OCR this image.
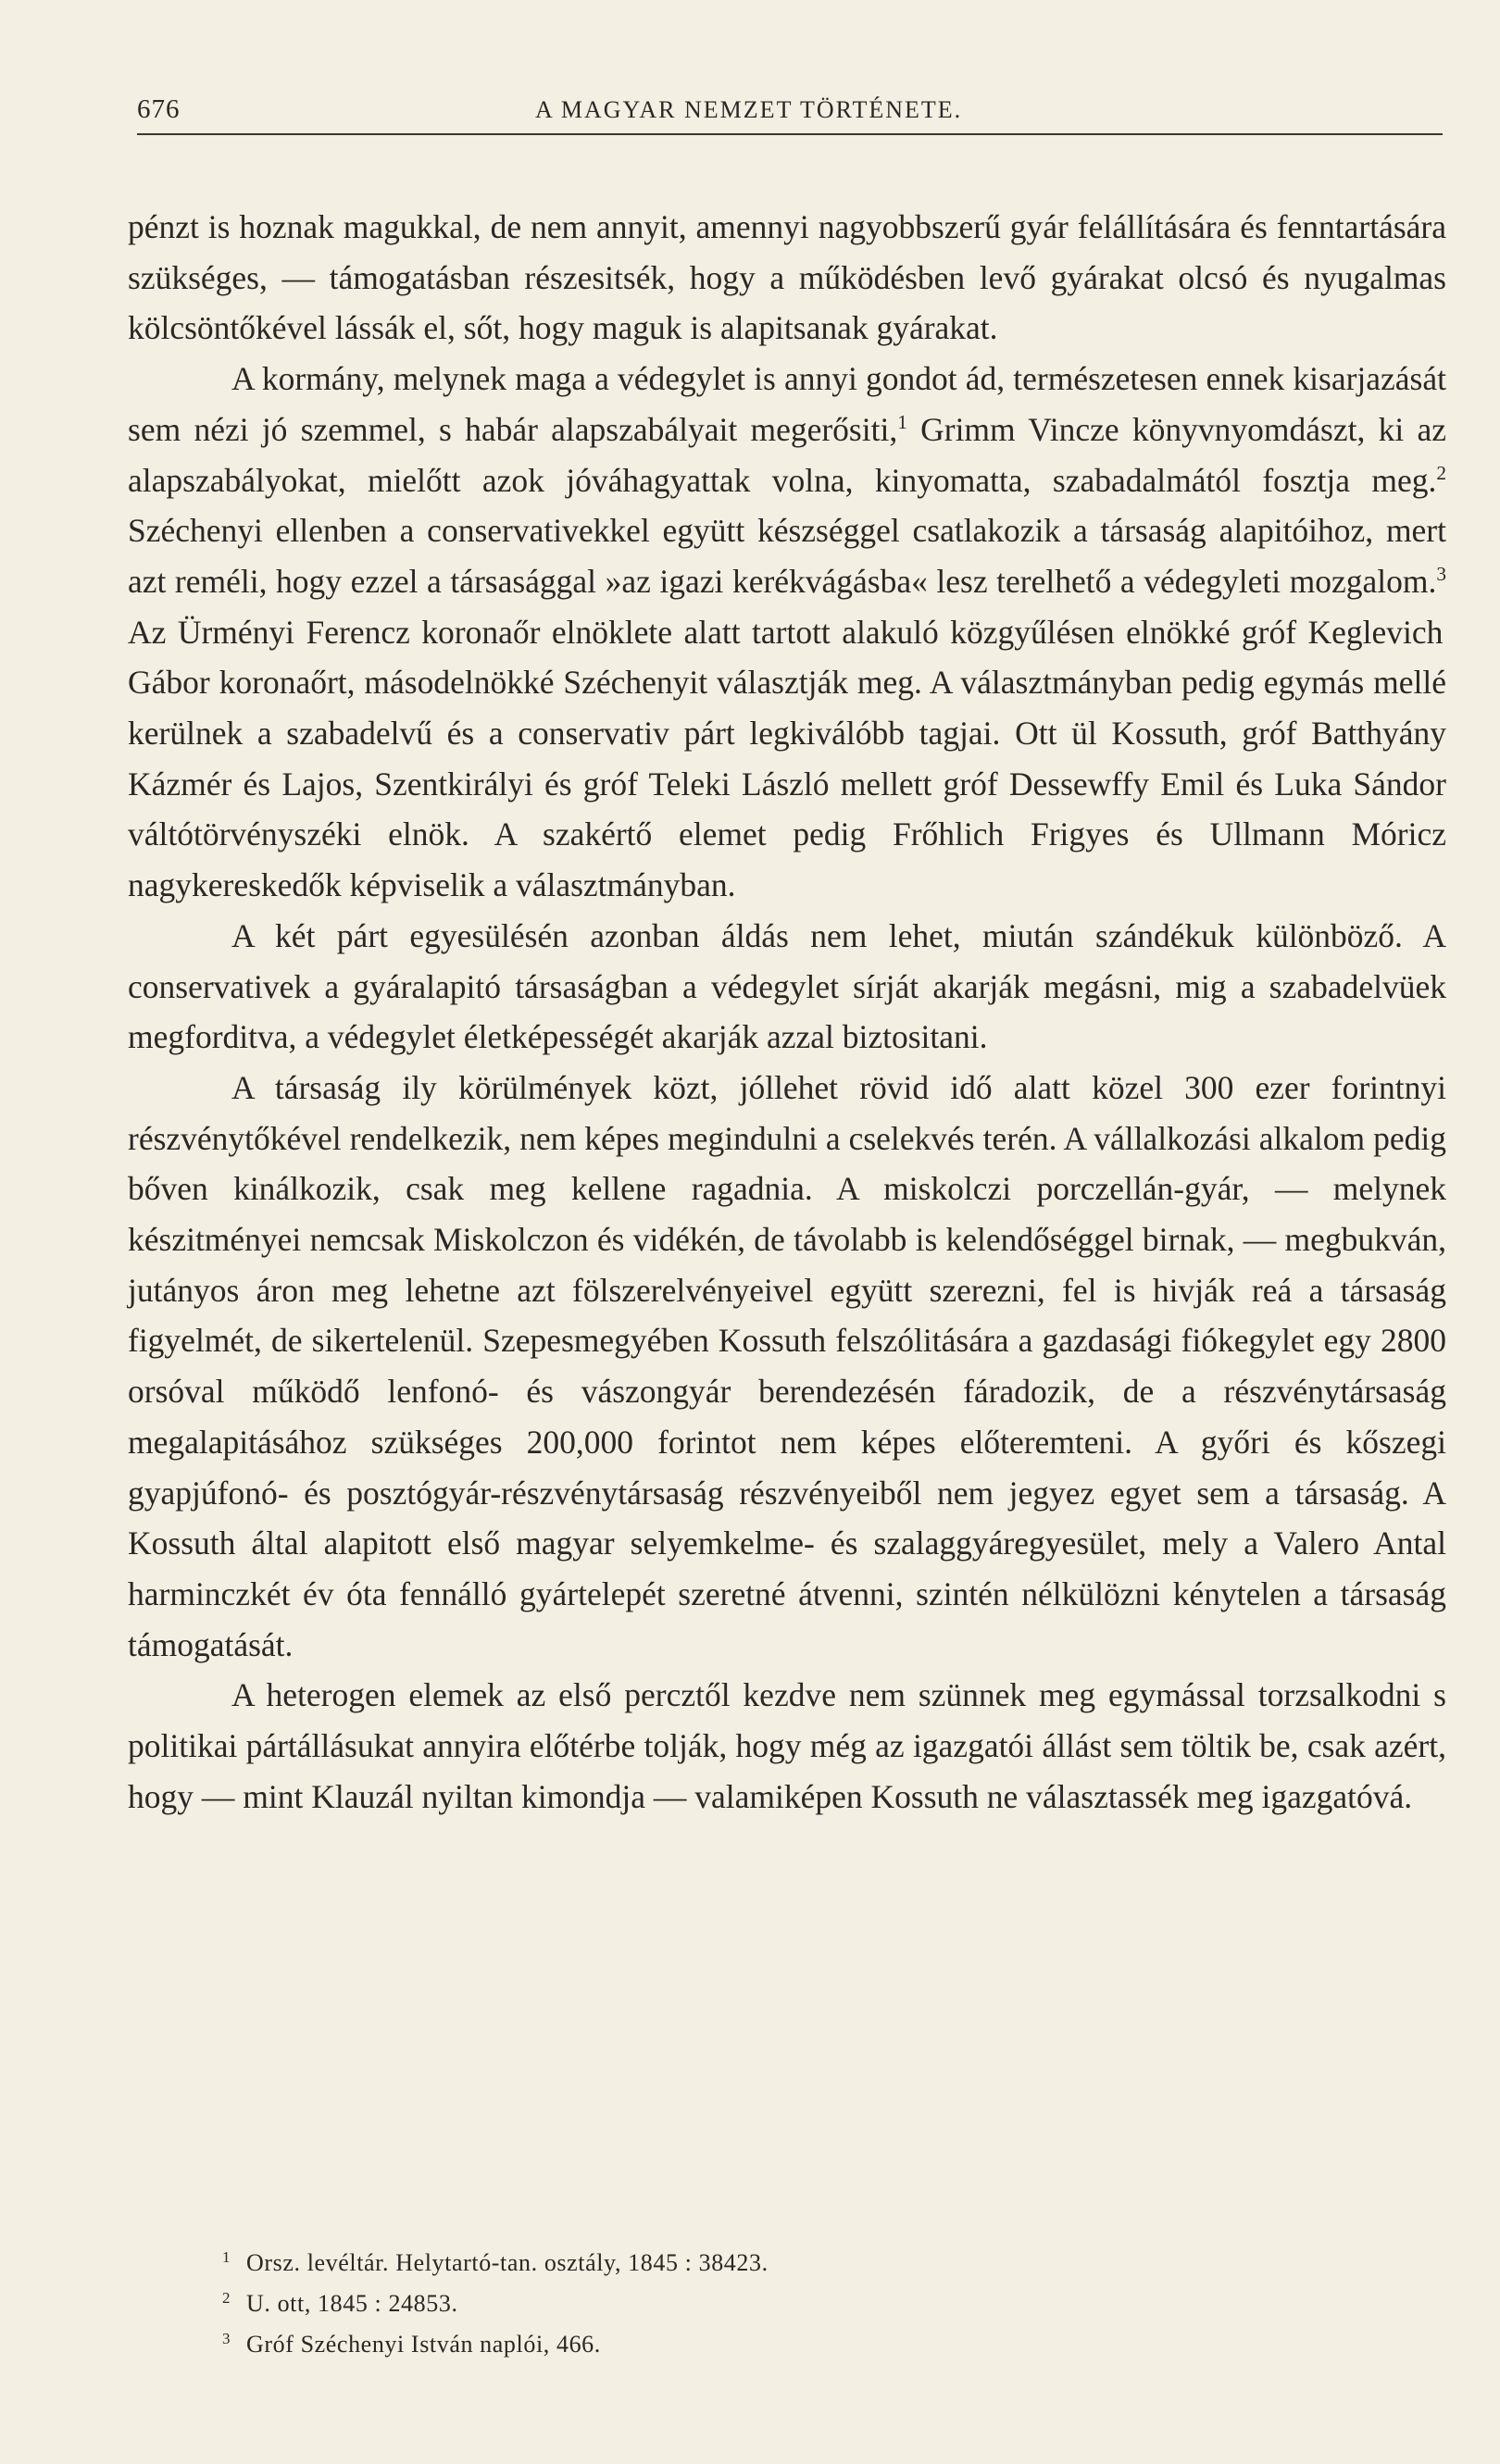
676	A MAGYAR NEMZET TÖRTÉNETE.

pénzt is hoznak magukkal, de nem annyit, amennyi nagyobbszerű gyár felállítására és fenntartására szükséges, — támogatásban részesitsék, hogy a működésben levő gyárakat olcsó és nyugalmas kölcsöntőkével lássák el, sőt, hogy maguk is alapitsanak gyárakat.

A kormány, melynek maga a védegylet is annyi gondot ád, természetesen ennek kisarjazását sem nézi jó szemmel, s habár alapszabályait megerősiti,$^1$ Grimm Vincze könyvnyomdászt, ki az alapszabályokat, mielőtt azok jóváhagyattak volna, kinyomatta, szabadalmától fosztja meg.$^2$ Széchenyi ellenben a conservativekkel együtt készséggel csatlakozik a társaság alapitóihoz, mert azt reméli, hogy ezzel a társasággal »az igazi kerékvágásba« lesz terelhető a védegyleti mozgalom.$^3$ Az Ürményi Ferencz koronaőr elnöklete alatt tartott alakuló közgyűlésen elnökké gróf Keglevich Gábor koronaőrt, másodelnökké Széchenyit választják meg. A választmányban pedig egymás mellé kerülnek a szabadelvű és a conservativ párt legkiválóbb tagjai. Ott ül Kossuth, gróf Batthyány Kázmér és Lajos, Szentkirályi és gróf Teleki László mellett gróf Dessewffy Emil és Luka Sándor váltótörvényszéki elnök. A szakértő elemet pedig Frőhlich Frigyes és Ullmann Móricz nagykereskedők képviselik a választmányban.

A két párt egyesülésén azonban áldás nem lehet, miután szándékuk különböző. A conservativek a gyáralapitó társaságban a védegylet sírját akarják megásni, mig a szabadelvüek megforditva, a védegylet életképességét akarják azzal biztositani.

A társaság ily körülmények közt, jóllehet rövid idő alatt közel 300 ezer forintnyi részvénytőkével rendelkezik, nem képes megindulni a cselekvés terén. A vállalkozási alkalom pedig bőven kinálkozik, csak meg kellene ragadnia. A miskolczi porczellán-gyár, — melynek készitményei nemcsak Miskolczon és vidékén, de távolabb is kelendőséggel birnak, — megbukván, jutányos áron meg lehetne azt fölszerelvényeivel együtt szerezni, fel is hivják reá a társaság figyelmét, de sikertelenül. Szepesmegyében Kossuth felszólitására a gazdasági fiókegylet egy 2800 orsóval működő lenfonó- és vászongyár berendezésén fáradozik, de a részvénytársaság megalapitásához szükséges 200,000 forintot nem képes előteremteni. A győri és kőszegi gyapjúfonó- és posztógyár-részvénytársaság részvényeiből nem jegyez egyet sem a társaság. A Kossuth által alapitott első magyar selyemkelme- és szalaggyáregyesület, mely a Valero Antal harminczkét év óta fennálló gyártelepét szeretné átvenni, szintén nélkülözni kénytelen a társaság támogatását.

A heterogen elemek az első percztől kezdve nem szünnek meg egymással torzsalkodni s politikai pártállásukat annyira előtérbe tolják, hogy még az igazgatói állást sem töltik be, csak azért, hogy — mint Klauzál nyiltan kimondja — valamiképen Kossuth ne választassék meg igazgatóvá.

1 Orsz. levéltár. Helytartó-tan. osztály, 1845 : 38423.
2 U. ott, 1845 : 24853.
3 Gróf Széchenyi István naplói, 466.
